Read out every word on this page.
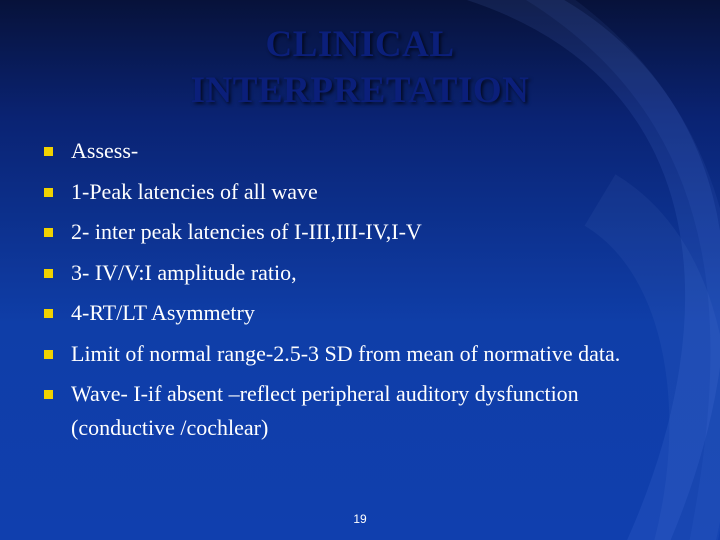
CLINICAL
INTERPRETATION
Assess-
1-Peak latencies of all wave
2- inter peak latencies of I-III,III-IV,I-V
3- IV/V:I amplitude ratio,
4-RT/LT Asymmetry
Limit of normal range-2.5-3 SD from mean of normative data.
Wave- I-if absent –reflect peripheral auditory dysfunction (conductive /cochlear)
19
